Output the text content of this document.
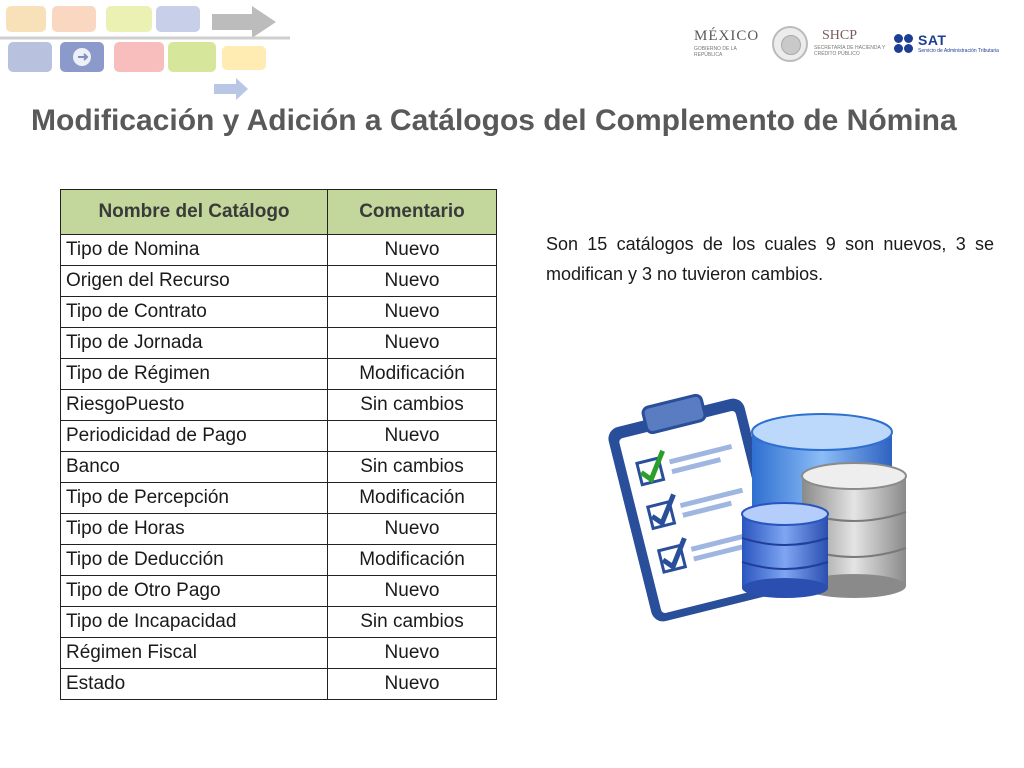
MÉXICO
GOBIERNO DE LA REPÚBLICA
SHCP
SECRETARÍA DE HACIENDA Y CRÉDITO PÚBLICO
SAT
Servicio de Administración Tributaria
Modificación y Adición a Catálogos del Complemento de Nómina
Nombre del Catálogo	Comentario
Tipo de Nomina	Nuevo
Origen del Recurso	Nuevo
Tipo de Contrato	Nuevo
Tipo de Jornada	Nuevo
Tipo de Régimen	Modificación
RiesgoPuesto	Sin cambios
Periodicidad de Pago	Nuevo
Banco	Sin cambios
Tipo de Percepción	Modificación
Tipo de Horas	Nuevo
Tipo de Deducción	Modificación
Tipo de Otro Pago	Nuevo
Tipo de Incapacidad	Sin cambios
Régimen Fiscal	Nuevo
Estado	Nuevo

Son 15 catálogos de los cuales 9 son nuevos, 3 se modifican y 3 no tuvieron cambios.
